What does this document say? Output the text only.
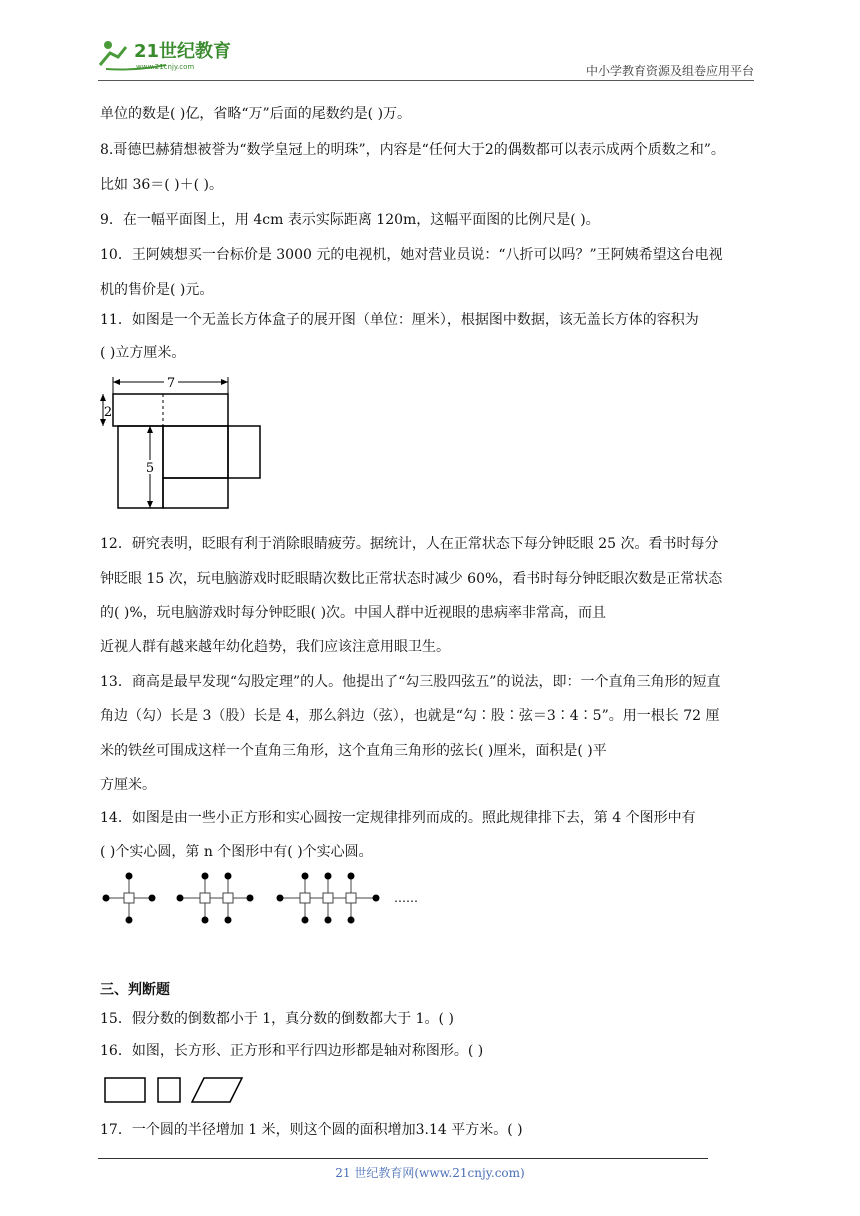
21世纪教育
www.21cnjy.com	中小学教育资源及组卷应用平台
单位的数是( )亿，省略“万”后面的尾数约是( )万。
8.哥德巴赫猜想被誉为“数学皇冠上的明珠”，内容是“任何大于2的偶数都可以表示成两个质数之和”。
比如 36＝( )＋( )。
9．在一幅平面图上，用 4cm 表示实际距离 120m，这幅平面图的比例尺是( )。
10．王阿姨想买一台标价是 3000 元的电视机，她对营业员说：“八折可以吗？”王阿姨希望这台电视
机的售价是( )元。
11．如图是一个无盖长方体盒子的展开图（单位：厘米），根据图中数据，该无盖长方体的容积为
( )立方厘米。
7
2
5
12．研究表明，眨眼有利于消除眼睛疲劳。据统计，人在正常状态下每分钟眨眼 25 次。看书时每分
钟眨眼 15 次，玩电脑游戏时眨眼睛次数比正常状态时减少 60%，看书时每分钟眨眼次数是正常状态
的( )%，玩电脑游戏时每分钟眨眼( )次。中国人群中近视眼的患病率非常高，而且
近视人群有越来越年幼化趋势，我们应该注意用眼卫生。
13．商高是最早发现“勾股定理”的人。他提出了“勾三股四弦五”的说法，即：一个直角三角形的短直
角边（勾）长是 3（股）长是 4，那么斜边（弦），也就是“勾∶股∶弦＝3∶4∶5”。用一根长 72 厘
米的铁丝可围成这样一个直角三角形，这个直角三角形的弦长( )厘米，面积是( )平
方厘米。
14．如图是由一些小正方形和实心圆按一定规律排列而成的。照此规律排下去，第 4 个图形中有
( )个实心圆，第 n 个图形中有( )个实心圆。
……
三、判断题
15．假分数的倒数都小于 1，真分数的倒数都大于 1。( )
16．如图，长方形、正方形和平行四边形都是轴对称图形。( )
17．一个圆的半径增加 1 米，则这个圆的面积增加3.14 平方米。( )
21 世纪教育网(www.21cnjy.com)
